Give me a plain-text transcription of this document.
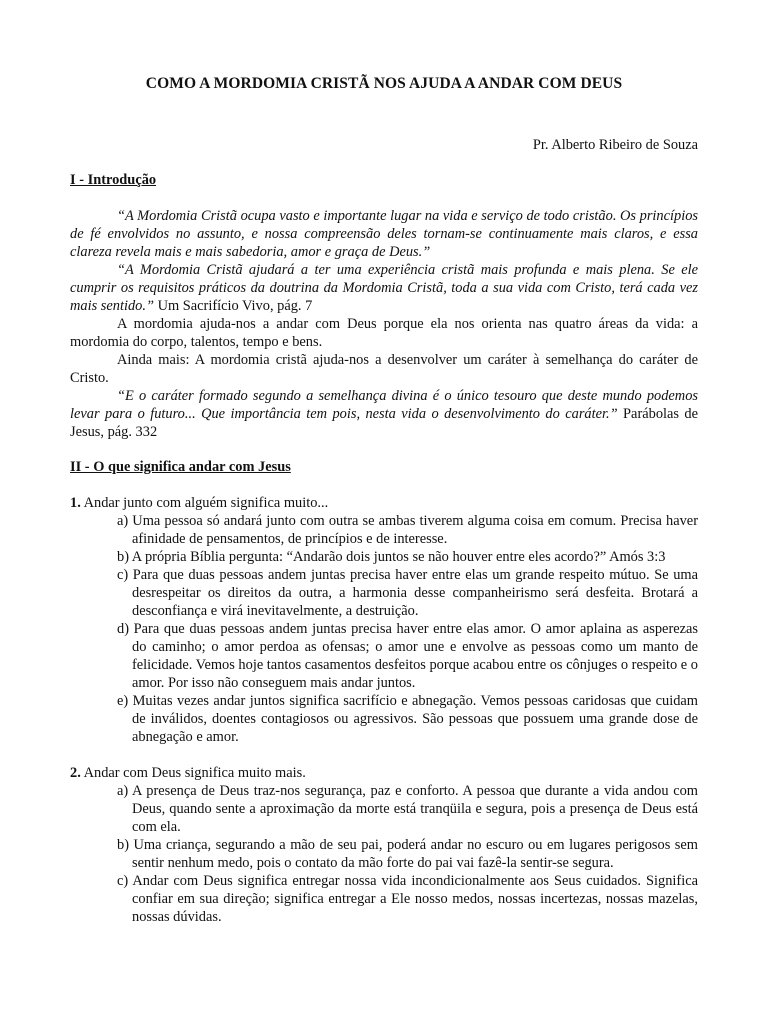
COMO A MORDOMIA CRISTÃ NOS AJUDA A ANDAR COM DEUS

Pr. Alberto Ribeiro de Souza

I - Introdução

“A Mordomia Cristã ocupa vasto e importante lugar na vida e serviço de todo cristão. Os princípios de fé envolvidos no assunto, e nossa compreensão deles tornam-se continuamente mais claros, e essa clareza revela mais e mais sabedoria, amor e graça de Deus.”

“A Mordomia Cristã ajudará a ter uma experiência cristã mais profunda e mais plena. Se ele cumprir os requisitos práticos da doutrina da Mordomia Cristã, toda a sua vida com Cristo, terá cada vez mais sentido.” Um Sacrifício Vivo, pág. 7

A mordomia ajuda-nos a andar com Deus porque ela nos orienta nas quatro áreas da vida: a mordomia do corpo, talentos, tempo e bens.

Ainda mais: A mordomia cristã ajuda-nos a desenvolver um caráter à semelhança do caráter de Cristo.

“E o caráter formado segundo a semelhança divina é o único tesouro que deste mundo podemos levar para o futuro... Que importância tem pois, nesta vida o desenvolvimento do caráter.” Parábolas de Jesus, pág. 332

II - O que significa andar com Jesus

1. Andar junto com alguém significa muito...

a) Uma pessoa só andará junto com outra se ambas tiverem alguma coisa em comum. Precisa haver afinidade de pensamentos, de princípios e de interesse.
b) A própria Bíblia pergunta: “Andarão dois juntos se não houver entre eles acordo?” Amós 3:3
c) Para que duas pessoas andem juntas precisa haver entre elas um grande respeito mútuo. Se uma desrespeitar os direitos da outra, a harmonia desse companheirismo será desfeita. Brotará a desconfiança e virá inevitavelmente, a destruição.
d) Para que duas pessoas andem juntas precisa haver entre elas amor. O amor aplaina as asperezas do caminho; o amor perdoa as ofensas; o amor une e envolve as pessoas como um manto de felicidade. Vemos hoje tantos casamentos desfeitos porque acabou entre os cônjuges o respeito e o amor. Por isso não conseguem mais andar juntos.
e) Muitas vezes andar juntos significa sacrifício e abnegação. Vemos pessoas caridosas que cuidam de inválidos, doentes contagiosos ou agressivos. São pessoas que possuem uma grande dose de abnegação e amor.

2. Andar com Deus significa muito mais.

a) A presença de Deus traz-nos segurança, paz e conforto. A pessoa que durante a vida andou com Deus, quando sente a aproximação da morte está tranqüila e segura, pois a presença de Deus está com ela.
b) Uma criança, segurando a mão de seu pai, poderá andar no escuro ou em lugares perigosos sem sentir nenhum medo, pois o contato da mão forte do pai vai fazê-la sentir-se segura.
c) Andar com Deus significa entregar nossa vida incondicionalmente aos Seus cuidados. Significa confiar em sua direção; significa entregar a Ele nosso medos, nossas incertezas, nossas mazelas, nossas dúvidas.
